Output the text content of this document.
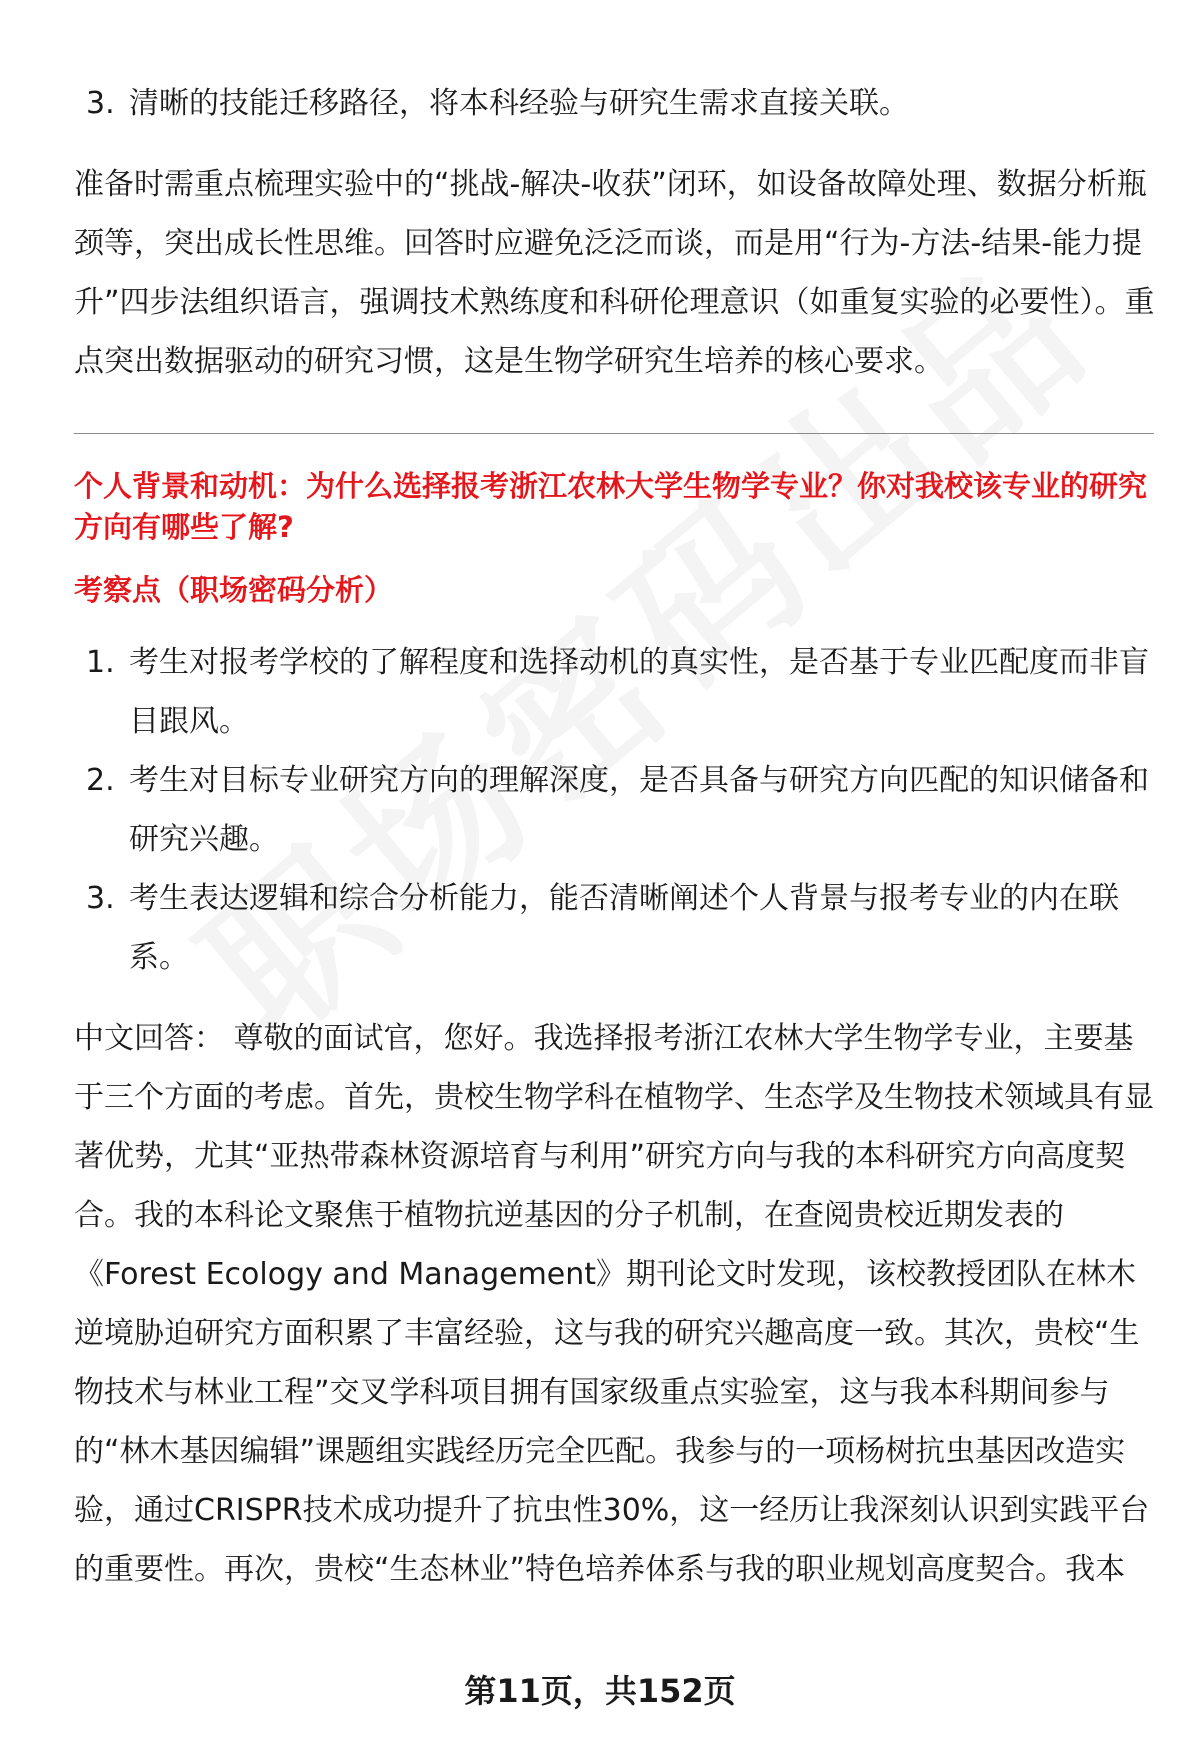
3. 清晰的技能迁移路径，将本科经验与研究生需求直接关联。

准备时需重点梳理实验中的“挑战-解决-收获”闭环，如设备故障处理、数据分析瓶颈等，突出成长性思维。回答时应避免泛泛而谈，而是用“行为-方法-结果-能力提升”四步法组织语言，强调技术熟练度和科研伦理意识（如重复实验的必要性）。重点突出数据驱动的研究习惯，这是生物学研究生培养的核心要求。

个人背景和动机：为什么选择报考浙江农林大学生物学专业？你对我校该专业的研究方向有哪些了解?
考察点（职场密码分析）
1. 考生对报考学校的了解程度和选择动机的真实性，是否基于专业匹配度而非盲目跟风。
2. 考生对目标专业研究方向的理解深度，是否具备与研究方向匹配的知识储备和研究兴趣。
3. 考生表达逻辑和综合分析能力，能否清晰阐述个人背景与报考专业的内在联系。

中文回答： 尊敬的面试官，您好。我选择报考浙江农林大学生物学专业，主要基于三个方面的考虑。首先，贵校生物学科在植物学、生态学及生物技术领域具有显著优势，尤其“亚热带森林资源培育与利用”研究方向与我的本科研究方向高度契合。我的本科论文聚焦于植物抗逆基因的分子机制，在查阅贵校近期发表的《Forest Ecology and Management》期刊论文时发现，该校教授团队在林木逆境胁迫研究方面积累了丰富经验，这与我的研究兴趣高度一致。其次，贵校“生物技术与林业工程”交叉学科项目拥有国家级重点实验室，这与我本科期间参与的“林木基因编辑”课题组实践经历完全匹配。我参与的一项杨树抗虫基因改造实验，通过CRISPR技术成功提升了抗虫性30%，这一经历让我深刻认识到实践平台的重要性。再次，贵校“生态林业”特色培养体系与我的职业规划高度契合。我本

第11页，共152页
